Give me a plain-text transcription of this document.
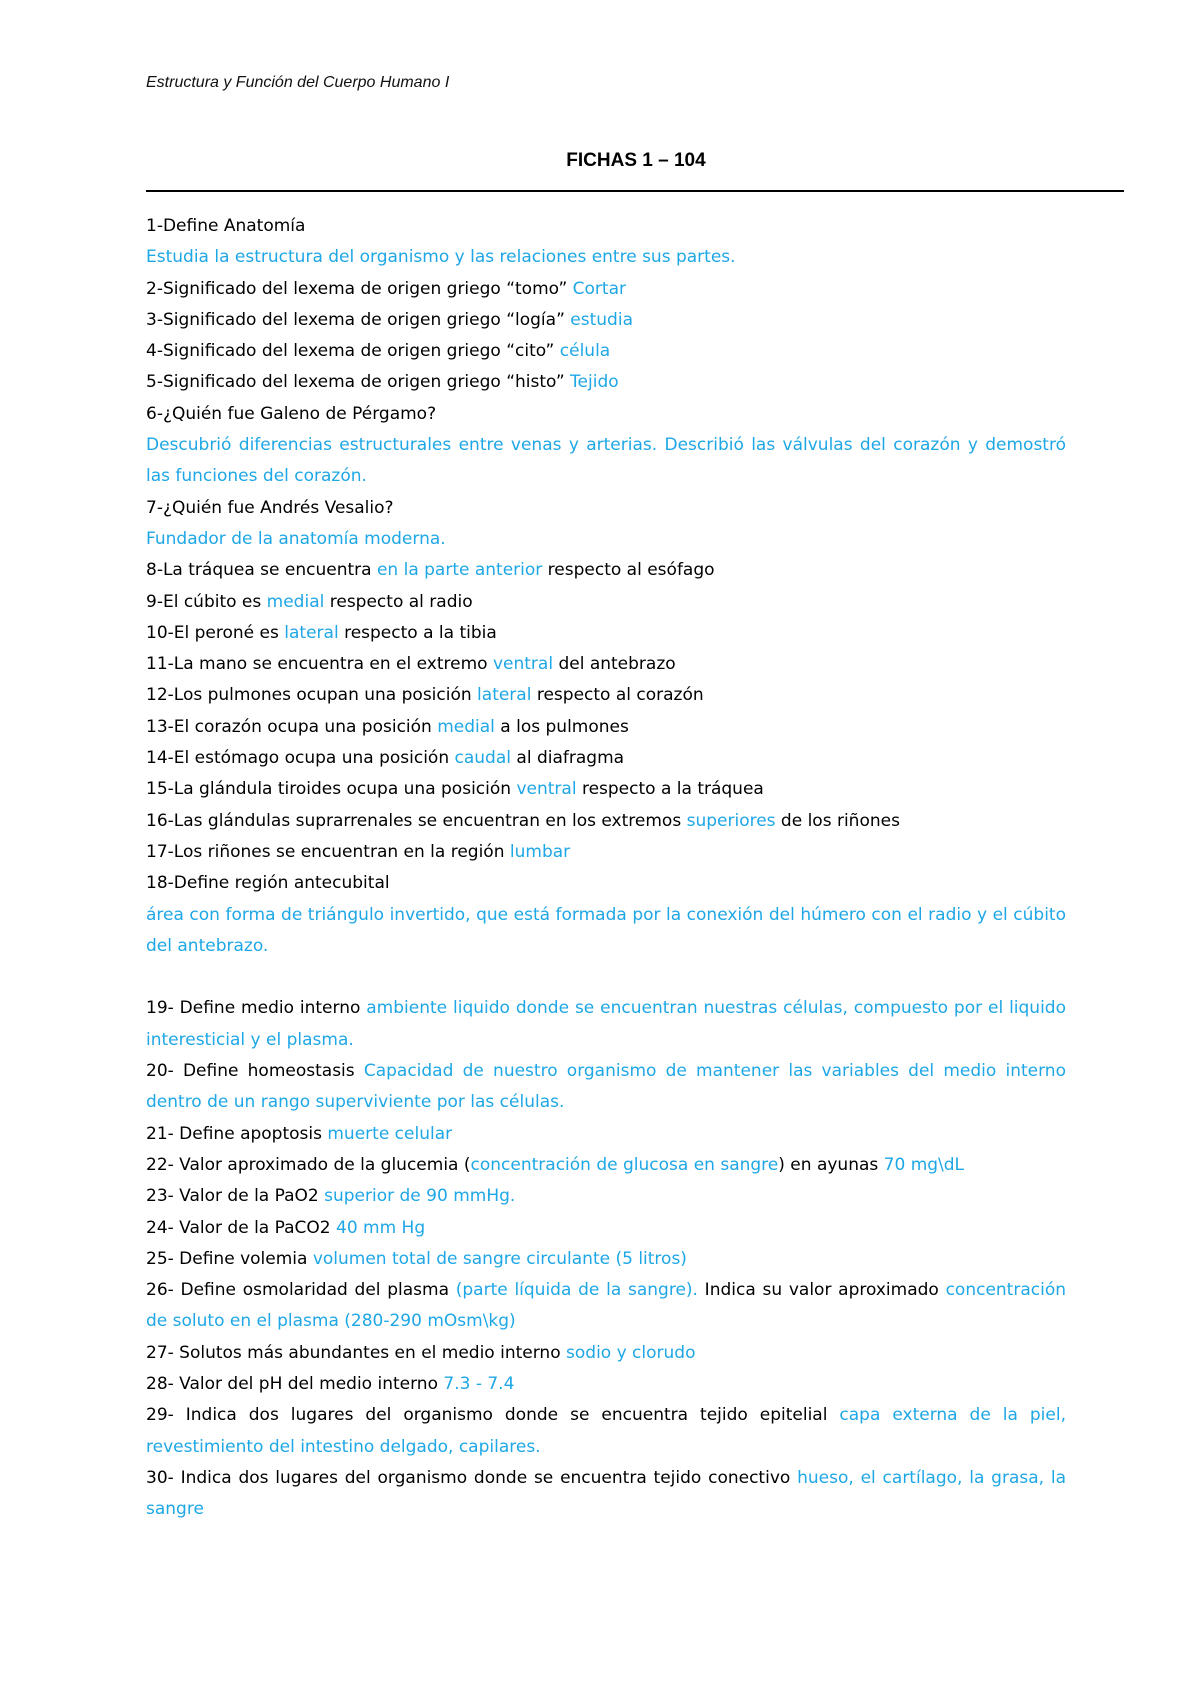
Estructura y Función del Cuerpo Humano I
FICHAS 1 – 104
1-Define Anatomía
Estudia la estructura del organismo y las relaciones entre sus partes.
2-Significado del lexema de origen griego “tomo” Cortar
3-Significado del lexema de origen griego “logía” estudia
4-Significado del lexema de origen griego “cito” célula
5-Significado del lexema de origen griego “histo” Tejido
6-¿Quién fue Galeno de Pérgamo?
Descubrió diferencias estructurales entre venas y arterias. Describió las válvulas del corazón y demostró las funciones del corazón.
7-¿Quién fue Andrés Vesalio?
Fundador de la anatomía moderna.
8-La tráquea se encuentra en la parte anterior respecto al esófago
9-El cúbito es medial respecto al radio
10-El peroné es lateral respecto a la tibia
11-La mano se encuentra en el extremo ventral del antebrazo
12-Los pulmones ocupan una posición lateral respecto al corazón
13-El corazón ocupa una posición medial a los pulmones
14-El estómago ocupa una posición caudal al diafragma
15-La glándula tiroides ocupa una posición ventral respecto a la tráquea
16-Las glándulas suprarrenales se encuentran en los extremos superiores de los riñones
17-Los riñones se encuentran en la región lumbar
18-Define región antecubital
área con forma de triángulo invertido, que está formada por la conexión del húmero con el radio y el cúbito del antebrazo.
19- Define medio interno ambiente liquido donde se encuentran nuestras células, compuesto por el liquido interesticial y el plasma.
20- Define homeostasis Capacidad de nuestro organismo de mantener las variables del medio interno dentro de un rango superviviente por las células.
21- Define apoptosis muerte celular
22- Valor aproximado de la glucemia (concentración de glucosa en sangre) en ayunas 70 mg\dL
23- Valor de la PaO2 superior de 90 mmHg.
24- Valor de la PaCO2 40 mm Hg
25- Define volemia volumen total de sangre circulante (5 litros)
26- Define osmolaridad del plasma (parte líquida de la sangre). Indica su valor aproximado concentración de soluto en el plasma (280-290 mOsm\kg)
27- Solutos más abundantes en el medio interno sodio y clorudo
28- Valor del pH del medio interno 7.3 - 7.4
29- Indica dos lugares del organismo donde se encuentra tejido epitelial capa externa de la piel, revestimiento del intestino delgado, capilares.
30- Indica dos lugares del organismo donde se encuentra tejido conectivo hueso, el cartílago, la grasa, la sangre
